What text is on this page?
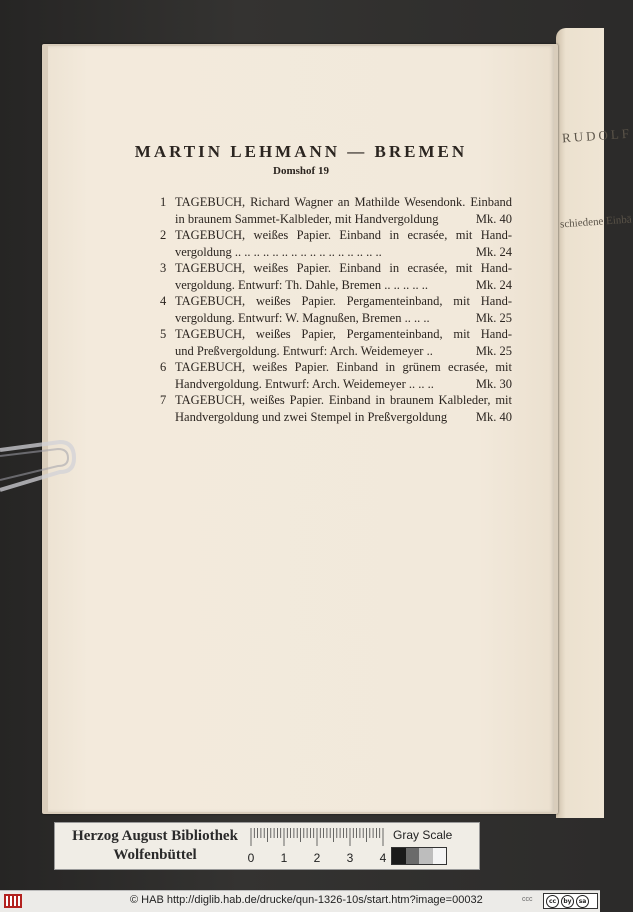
RUDOLF
schiedene Einbä
MARTIN LEHMANN — BREMEN
Domshof 19
1 TAGEBUCH, Richard Wagner an Mathilde Wesendonk. Einband
in braunem Sammet-Kalbleder, mit Handvergoldung	Mk. 40
2 TAGEBUCH, weißes Papier. Einband in ecrasée, mit Hand-
vergoldung .. .. .. .. .. .. .. .. .. .. .. .. .. .. .. ..	Mk. 24
3 TAGEBUCH, weißes Papier. Einband in ecrasée, mit Hand-
vergoldung. Entwurf: Th. Dahle, Bremen .. .. .. .. ..	Mk. 24
4 TAGEBUCH, weißes Papier. Pergamenteinband, mit Hand-
vergoldung. Entwurf: W. Magnußen, Bremen .. .. ..	Mk. 25
5 TAGEBUCH, weißes Papier, Pergamenteinband, mit Hand-
und Preßvergoldung. Entwurf: Arch. Weidemeyer ..	Mk. 25
6 TAGEBUCH, weißes Papier. Einband in grünem ecrasée, mit
Handvergoldung. Entwurf: Arch. Weidemeyer .. .. ..	Mk. 30
7 TAGEBUCH, weißes Papier. Einband in braunem Kalbleder, mit
Handvergoldung und zwei Stempel in Preßvergoldung	Mk. 40
Herzog August Bibliothek
Wolfenbüttel	0 1 2 3 4
Gray Scale
© HAB http://diglib.hab.de/drucke/qun-1326-10s/start.htm?image=00032	ccc	cc	by	sa
